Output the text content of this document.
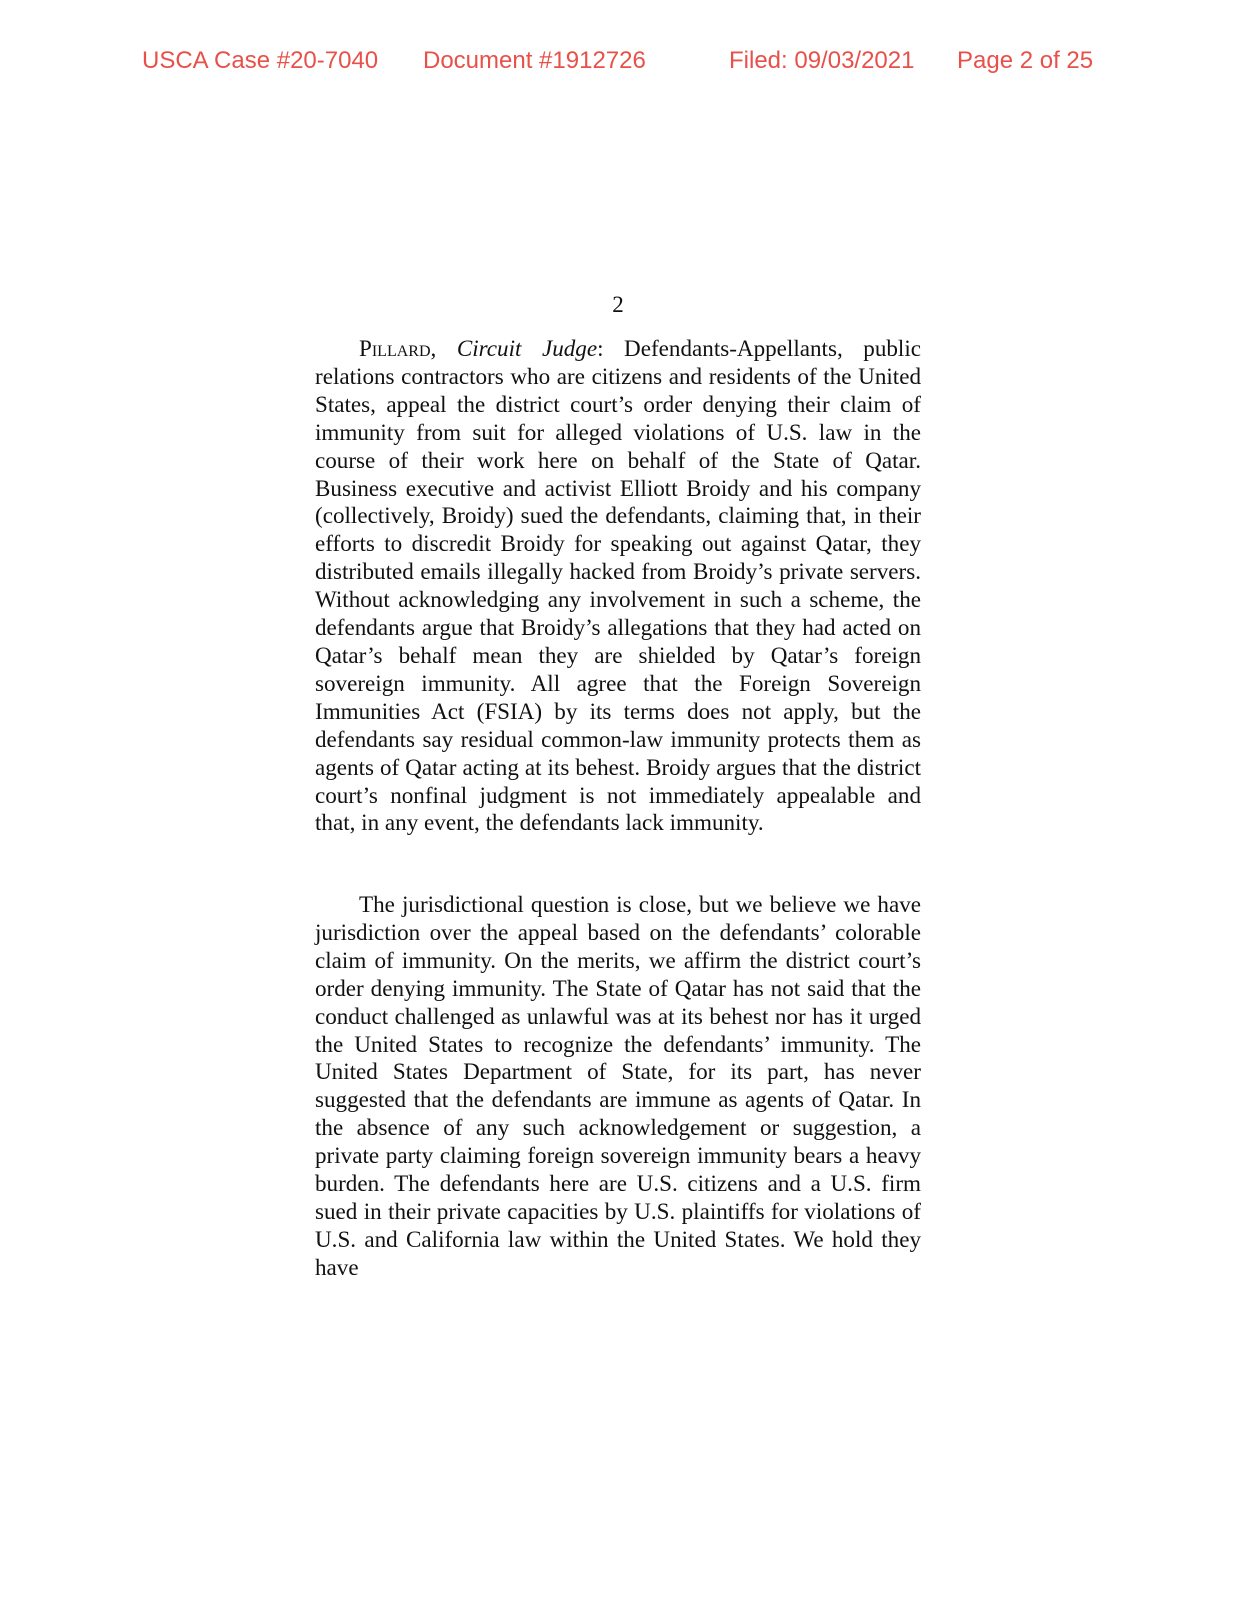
USCA Case #20-7040 Document #1912726	Filed: 09/03/2021 Page 2 of 25
2

Pillard, Circuit Judge: Defendants-Appellants, public relations contractors who are citizens and residents of the United States, appeal the district court’s order denying their claim of immunity from suit for alleged violations of U.S. law in the course of their work here on behalf of the State of Qatar. Business executive and activist Elliott Broidy and his company (collectively, Broidy) sued the defendants, claiming that, in their efforts to discredit Broidy for speaking out against Qatar, they distributed emails illegally hacked from Broidy’s private servers. Without acknowledging any involvement in such a scheme, the defendants argue that Broidy’s allegations that they had acted on Qatar’s behalf mean they are shielded by Qatar’s foreign sovereign immunity. All agree that the Foreign Sovereign Immunities Act (FSIA) by its terms does not apply, but the defendants say residual common-law immunity protects them as agents of Qatar acting at its behest. Broidy argues that the district court’s nonfinal judgment is not immediately appealable and that, in any event, the defendants lack immunity.

The jurisdictional question is close, but we believe we have jurisdiction over the appeal based on the defendants’ colorable claim of immunity. On the merits, we affirm the district court’s order denying immunity. The State of Qatar has not said that the conduct challenged as unlawful was at its behest nor has it urged the United States to recognize the defendants’ immunity. The United States Department of State, for its part, has never suggested that the defendants are immune as agents of Qatar. In the absence of any such acknowledgement or suggestion, a private party claiming foreign sovereign immunity bears a heavy burden. The defendants here are U.S. citizens and a U.S. firm sued in their private capacities by U.S. plaintiffs for violations of U.S. and California law within the United States. We hold they have
